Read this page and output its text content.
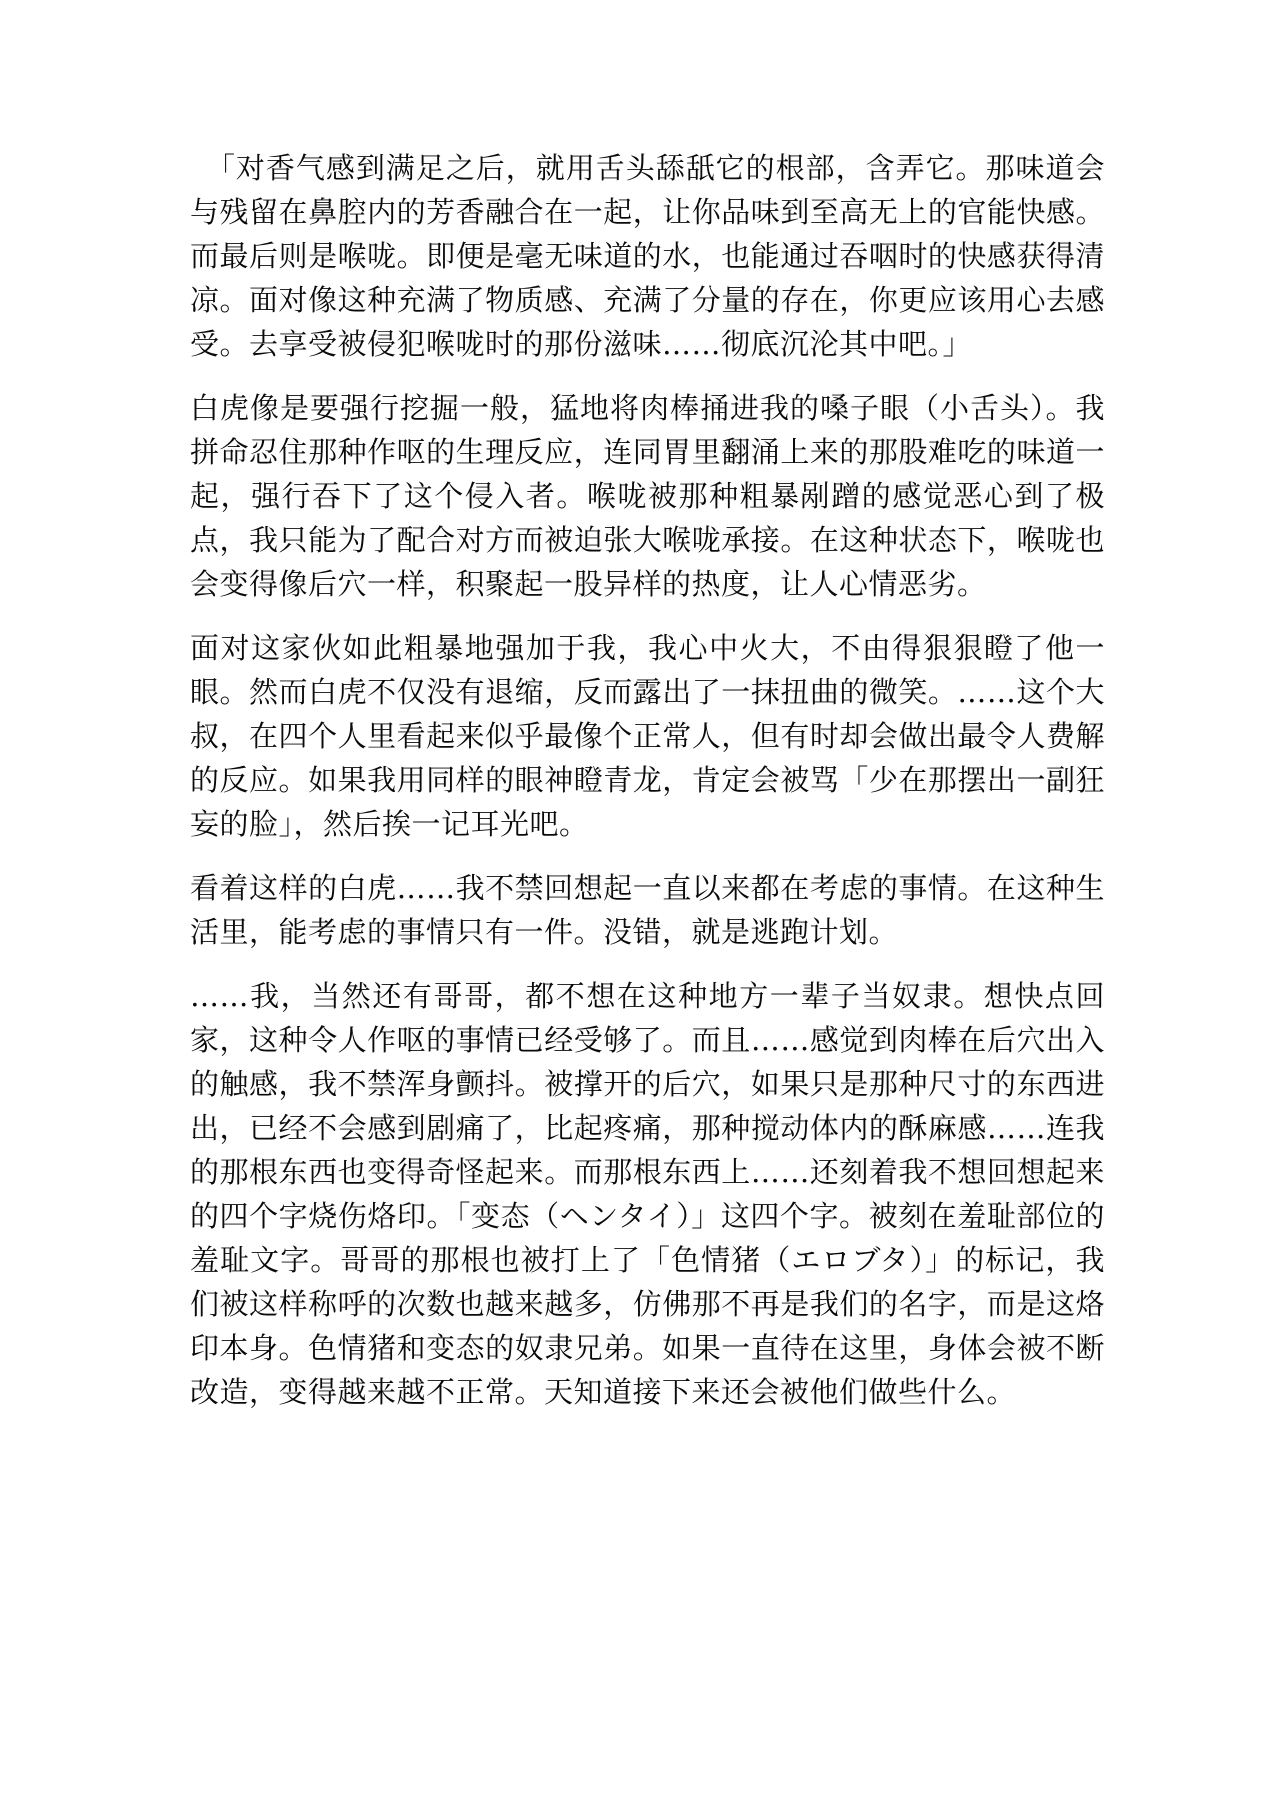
「对香气感到满足之后，就用舌头舔舐它的根部，含弄它。那味道会与残留在鼻腔内的芳香融合在一起，让你品味到至高无上的官能快感。而最后则是喉咙。即便是毫无味道的水，也能通过吞咽时的快感获得清凉。面对像这种充满了物质感、充满了分量的存在，你更应该用心去感受。去享受被侵犯喉咙时的那份滋味……彻底沉沦其中吧。」

白虎像是要强行挖掘一般，猛地将肉棒捅进我的嗓子眼（小舌头）。我拼命忍住那种作呕的生理反应，连同胃里翻涌上来的那股难吃的味道一起，强行吞下了这个侵入者。喉咙被那种粗暴剐蹭的感觉恶心到了极点，我只能为了配合对方而被迫张大喉咙承接。在这种状态下，喉咙也会变得像后穴一样，积聚起一股异样的热度，让人心情恶劣。

面对这家伙如此粗暴地强加于我，我心中火大，不由得狠狠瞪了他一眼。然而白虎不仅没有退缩，反而露出了一抹扭曲的微笑。……这个大叔，在四个人里看起来似乎最像个正常人，但有时却会做出最令人费解的反应。如果我用同样的眼神瞪青龙，肯定会被骂「少在那摆出一副狂妄的脸」，然后挨一记耳光吧。

看着这样的白虎……我不禁回想起一直以来都在考虑的事情。在这种生活里，能考虑的事情只有一件。没错，就是逃跑计划。

……我，当然还有哥哥，都不想在这种地方一辈子当奴隶。想快点回家，这种令人作呕的事情已经受够了。而且……感觉到肉棒在后穴出入的触感，我不禁浑身颤抖。被撑开的后穴，如果只是那种尺寸的东西进出，已经不会感到剧痛了，比起疼痛，那种搅动体内的酥麻感……连我的那根东西也变得奇怪起来。而那根东西上……还刻着我不想回想起来的四个字烧伤烙印。「变态（ヘンタイ）」这四个字。被刻在羞耻部位的羞耻文字。哥哥的那根也被打上了「色情猪（エロブタ）」的标记，我们被这样称呼的次数也越来越多，仿佛那不再是我们的名字，而是这烙印本身。色情猪和变态的奴隶兄弟。如果一直待在这里，身体会被不断改造，变得越来越不正常。天知道接下来还会被他们做些什么。
